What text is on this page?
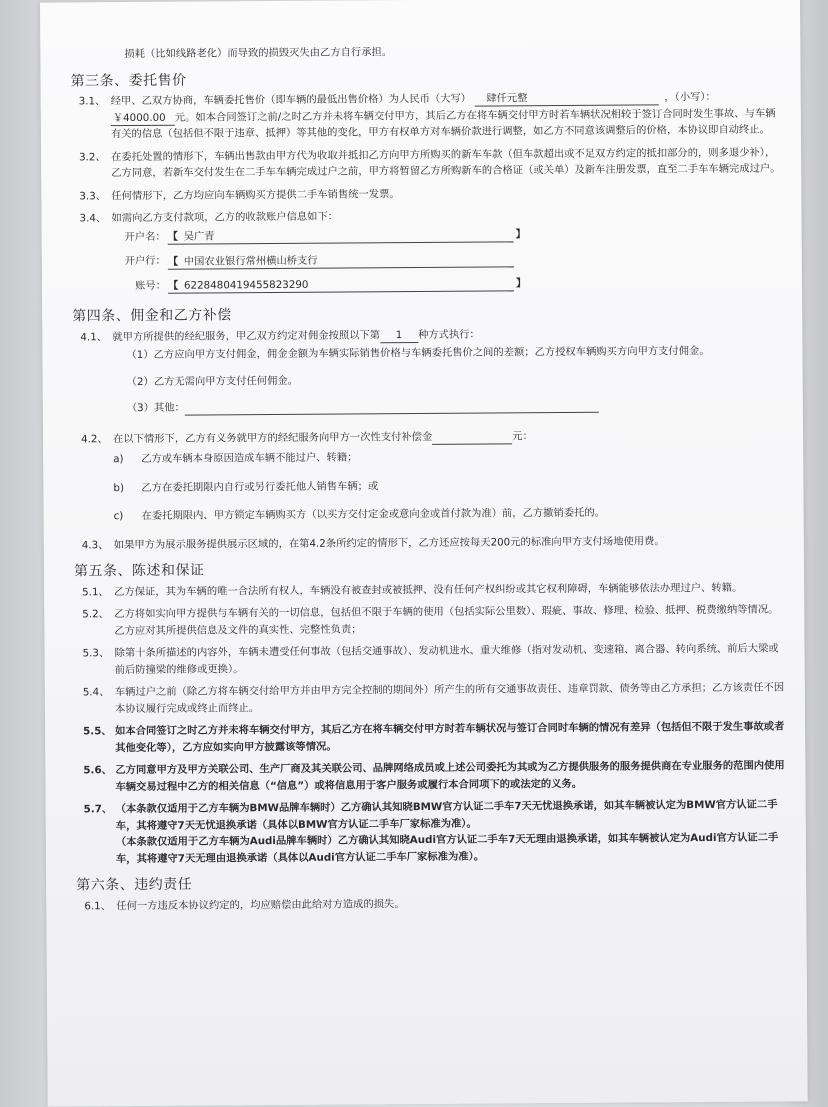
损耗（比如线路老化）而导致的损毁灭失由乙方自行承担。
第三条、委托售价
3.1、 经甲、乙双方协商，车辆委托售价（即车辆的最低出售价格）为人民币（大写） 肆仟元整	，（小写）：
￥4000.00 元。如本合同签订之前/之时乙方并未将车辆交付甲方，其后乙方在将车辆交付甲方时若车辆状况相较于签订合同时发生事故、与车辆有关的信息（包括但不限于违章、抵押）等其他的变化，甲方有权单方对车辆价款进行调整，如乙方不同意该调整后的价格，本协议即自动终止。
3.2、 在委托处置的情形下，车辆出售款由甲方代为收取并抵扣乙方向甲方所购买的新车车款（但车款超出或不足双方约定的抵扣部分的，则多退少补），乙方同意，若新车交付发生在二手车车辆完成过户之前，甲方将暂留乙方所购新车的合格证（或关单）及新车注册发票，直至二手车车辆完成过户。
3.3、 任何情形下，乙方均应向车辆购买方提供二手车销售统一发票。
3.4、 如需向乙方支付款项，乙方的收款账户信息如下：
开户名： 【 吴广青	】
开户行： 【 中国农业银行常州横山桥支行
账号： 【 6228480419455823290	】
第四条、佣金和乙方补偿
4.1、 就甲方所提供的经纪服务，甲乙双方约定对佣金按照以下第 1 种方式执行：
（1）乙方应向甲方支付佣金，佣金金额为车辆实际销售价格与车辆委托售价之间的差额；乙方授权车辆购买方向甲方支付佣金。
（2）乙方无需向甲方支付任何佣金。
（3）其他：
4.2、 在以下情形下，乙方有义务就甲方的经纪服务向甲方一次性支付补偿金	元：
a) 乙方或车辆本身原因造成车辆不能过户、转籍；
b) 乙方在委托期限内自行或另行委托他人销售车辆；或
c) 在委托期限内、甲方锁定车辆购买方（以买方交付定金或意向金或首付款为准）前，乙方撤销委托的。
4.3、 如果甲方为展示服务提供展示区域的，在第4.2条所约定的情形下，乙方还应按每天200元的标准向甲方支付场地使用费。
第五条、陈述和保证
5.1、 乙方保证，其为车辆的唯一合法所有权人，车辆没有被查封或被抵押、没有任何产权纠纷或其它权利障碍，车辆能够依法办理过户、转籍。
5.2、 乙方将如实向甲方提供与车辆有关的一切信息，包括但不限于车辆的使用（包括实际公里数）、瑕疵、事故、修理、检验、抵押、税费缴纳等情况。乙方应对其所提供信息及文件的真实性、完整性负责；
5.3、 除第十条所描述的内容外，车辆未遭受任何事故（包括交通事故）、发动机进水、重大维修（指对发动机、变速箱、离合器、转向系统、前后大梁或前后防撞梁的维修或更换）。
5.4、 车辆过户之前（除乙方将车辆交付给甲方并由甲方完全控制的期间外）所产生的所有交通事故责任、违章罚款、债务等由乙方承担；乙方该责任不因本协议履行完成或终止而终止。
5.5、 如本合同签订之时乙方并未将车辆交付甲方，其后乙方在将车辆交付甲方时若车辆状况与签订合同时车辆的情况有差异（包括但不限于发生事故或者其他变化等），乙方应如实向甲方披露该等情况。
5.6、 乙方同意甲方及甲方关联公司、生产厂商及其关联公司、品牌网络成员或上述公司委托为其或为乙方提供服务的服务提供商在专业服务的范围内使用车辆交易过程中乙方的相关信息（“信息”）或将信息用于客户服务或履行本合同项下的或法定的义务。
5.7、 （本条款仅适用于乙方车辆为BMW品牌车辆时）乙方确认其知晓BMW官方认证二手车7天无忧退换承诺，如其车辆被认定为BMW官方认证二手车，其将遵守7天无忧退换承诺（具体以BMW官方认证二手车厂家标准为准）。
（本条款仅适用于乙方车辆为Audi品牌车辆时）乙方确认其知晓Audi官方认证二手车7天无理由退换承诺，如其车辆被认定为Audi官方认证二手车，其将遵守7天无理由退换承诺（具体以Audi官方认证二手车厂家标准为准）。
第六条、违约责任
6.1、 任何一方违反本协议约定的，均应赔偿由此给对方造成的损失。
